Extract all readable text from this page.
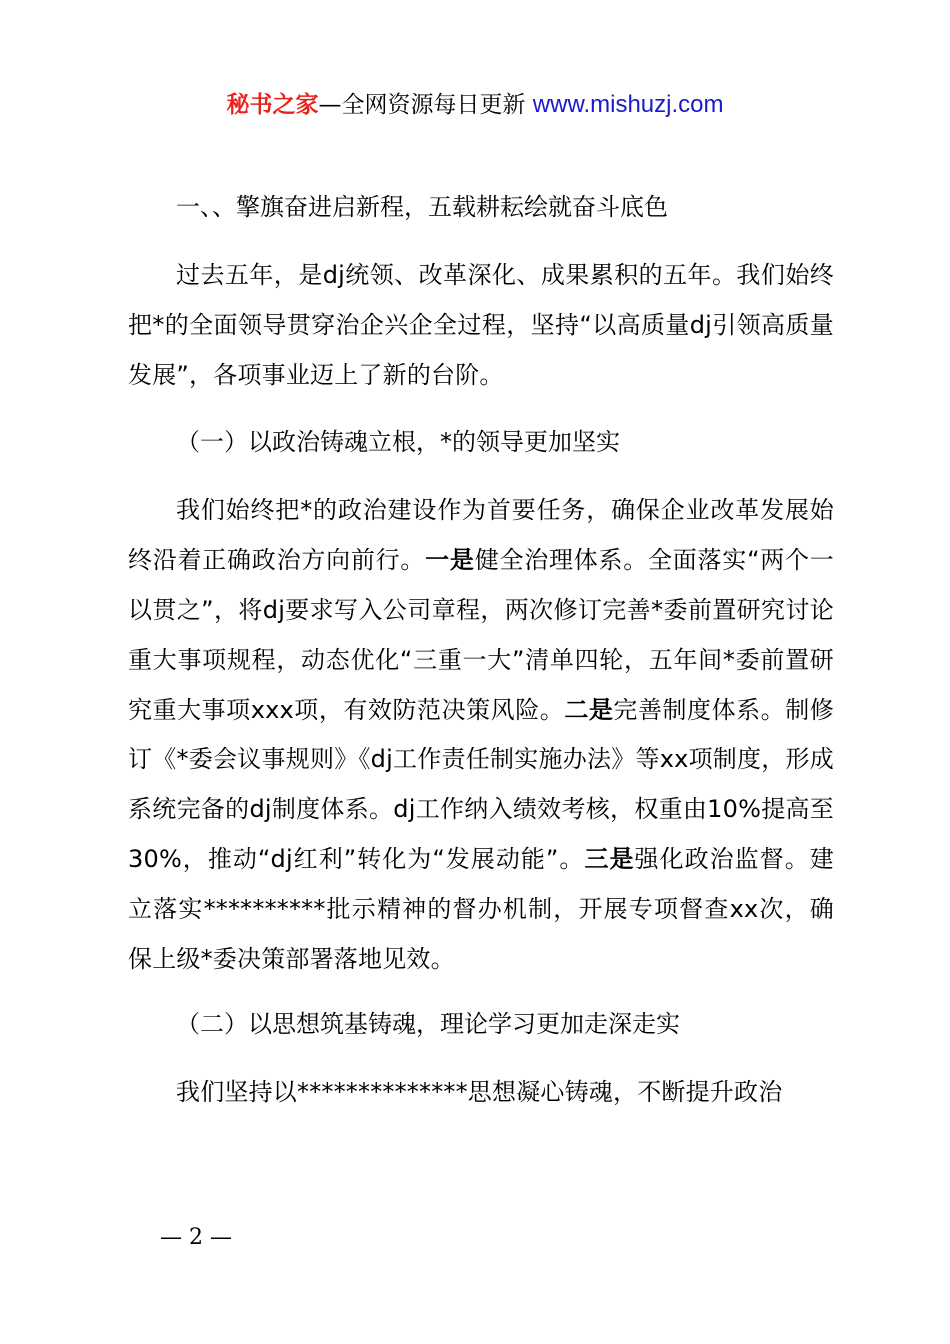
秘书之家—全网资源每日更新 www.mishuzj.com

一、、擎旗奋进启新程，五载耕耘绘就奋斗底色

过去五年，是dj统领、改革深化、成果累积的五年。我们始终把*的全面领导贯穿治企兴企全过程，坚持“以高质量dj引领高质量发展”，各项事业迈上了新的台阶。

（一）以政治铸魂立根，*的领导更加坚实

我们始终把*的政治建设作为首要任务，确保企业改革发展始终沿着正确政治方向前行。一是健全治理体系。全面落实“两个一以贯之”，将dj要求写入公司章程，两次修订完善*委前置研究讨论重大事项规程，动态优化“三重一大”清单四轮，五年间*委前置研究重大事项xxx项，有效防范决策风险。二是完善制度体系。制修订《*委会议事规则》《dj工作责任制实施办法》等xx项制度，形成系统完备的dj制度体系。dj工作纳入绩效考核，权重由10%提高至30%，推动“dj红利”转化为“发展动能”。三是强化政治监督。建立落实**********批示精神的督办机制，开展专项督查xx次，确保上级*委决策部署落地见效。

（二）以思想筑基铸魂，理论学习更加走深走实

我们坚持以**************思想凝心铸魂，不断提升政治

— 2 —
